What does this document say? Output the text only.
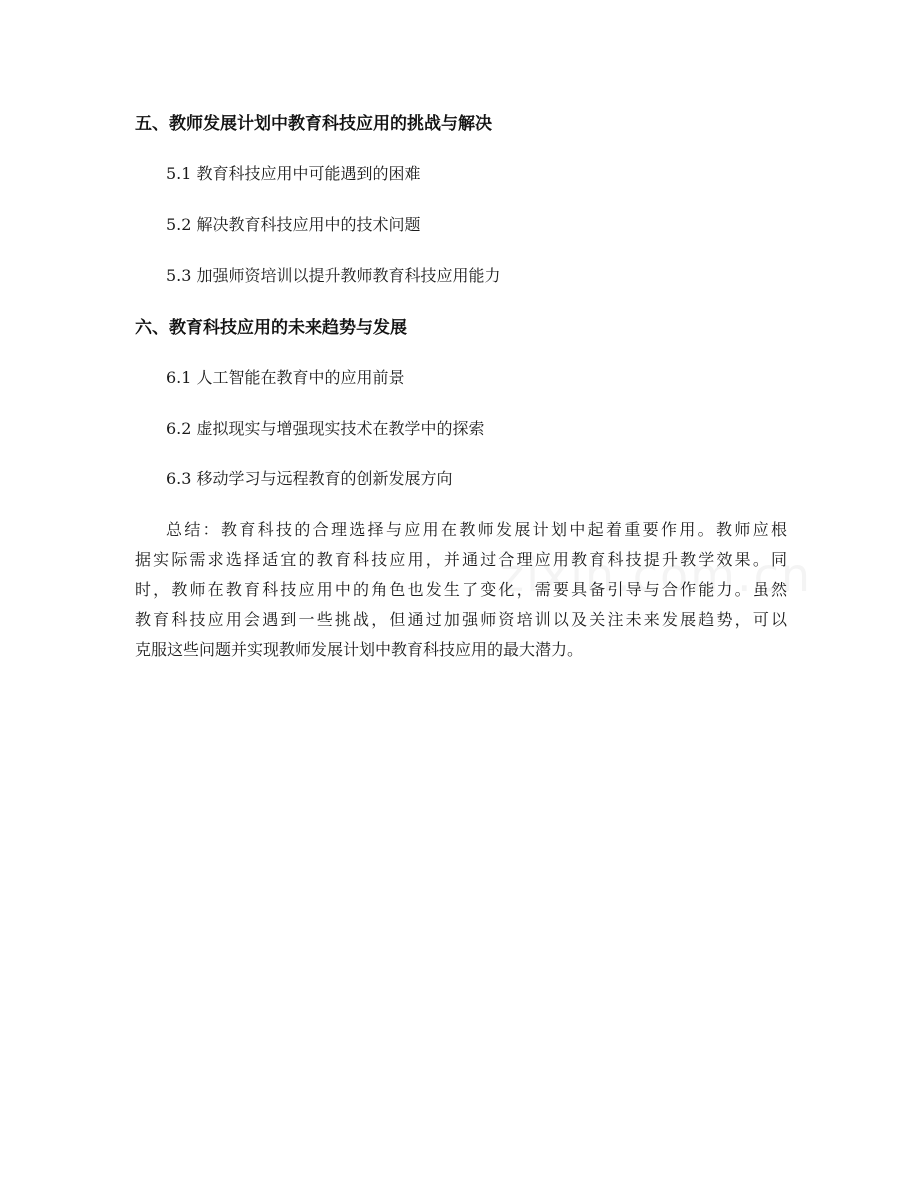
五、教师发展计划中教育科技应用的挑战与解决
5.1 教育科技应用中可能遇到的困难
5.2 解决教育科技应用中的技术问题
5.3 加强师资培训以提升教师教育科技应用能力
六、教育科技应用的未来趋势与发展
6.1 人工智能在教育中的应用前景
6.2 虚拟现实与增强现实技术在教学中的探索
6.3 移动学习与远程教育的创新发展方向
总结：教育科技的合理选择与应用在教师发展计划中起着重要作用。教师应根
据实际需求选择适宜的教育科技应用，并通过合理应用教育科技提升教学效果。同
时，教师在教育科技应用中的角色也发生了变化，需要具备引导与合作能力。虽然
教育科技应用会遇到一些挑战，但通过加强师资培训以及关注未来发展趋势，可以
克服这些问题并实现教师发展计划中教育科技应用的最大潜力。
